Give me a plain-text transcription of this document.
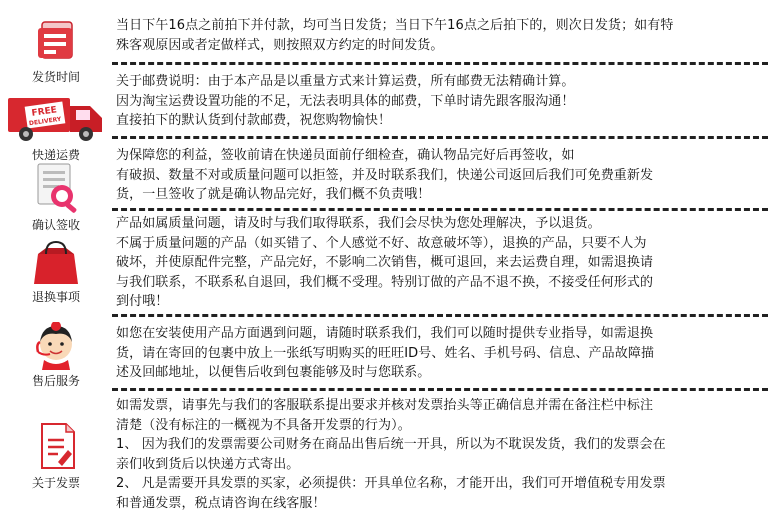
发货时间
FREE
DELIVERY
快递运费
确认签收
退换事项
售后服务
关于发票

当日下午16点之前拍下并付款，均可当日发货；当日下午16点之后拍下的，则次日发货；如有特

殊客观原因或者定做样式，则按照双方约定的时间发货。

关于邮费说明：由于本产品是以重量方式来计算运费，所有邮费无法精确计算。

因为淘宝运费设置功能的不足，无法表明具体的邮费，下单时请先跟客服沟通！

直接拍下的默认货到付款邮费，祝您购物愉快！

为保障您的利益，签收前请在快递员面前仔细检查，确认物品完好后再签收，如

有破损、数量不对或质量问题可以拒签，并及时联系我们，快递公司返回后我们可免费重新发

货，一旦签收了就是确认物品完好，我们概不负责哦！

产品如属质量问题，请及时与我们取得联系，我们会尽快为您处理解决，予以退货。

不属于质量问题的产品（如买错了、个人感觉不好、故意破坏等），退换的产品，只要不人为

破坏，并使原配件完整，产品完好，不影响二次销售，概可退回，来去运费自理，如需退换请

与我们联系，不联系私自退回，我们概不受理。特别订做的产品不退不换，不接受任何形式的

到付哦！

如您在安装使用产品方面遇到问题，请随时联系我们，我们可以随时提供专业指导，如需退换

货，请在寄回的包裹中放上一张纸写明购买的旺旺ID号、姓名、手机号码、信息、产品故障描

述及回邮地址，以便售后收到包裹能够及时与您联系。

如需发票，请事先与我们的客服联系提出要求并核对发票抬头等正确信息并需在备注栏中标注

清楚（没有标注的一概视为不具备开发票的行为）。

1、 因为我们的发票需要公司财务在商品出售后统一开具，所以为不耽误发货，我们的发票会在

亲们收到货后以快递方式寄出。

2、 凡是需要开具发票的买家，必须提供：开具单位名称，才能开出，我们可开增值税专用发票

和普通发票，税点请咨询在线客服！
